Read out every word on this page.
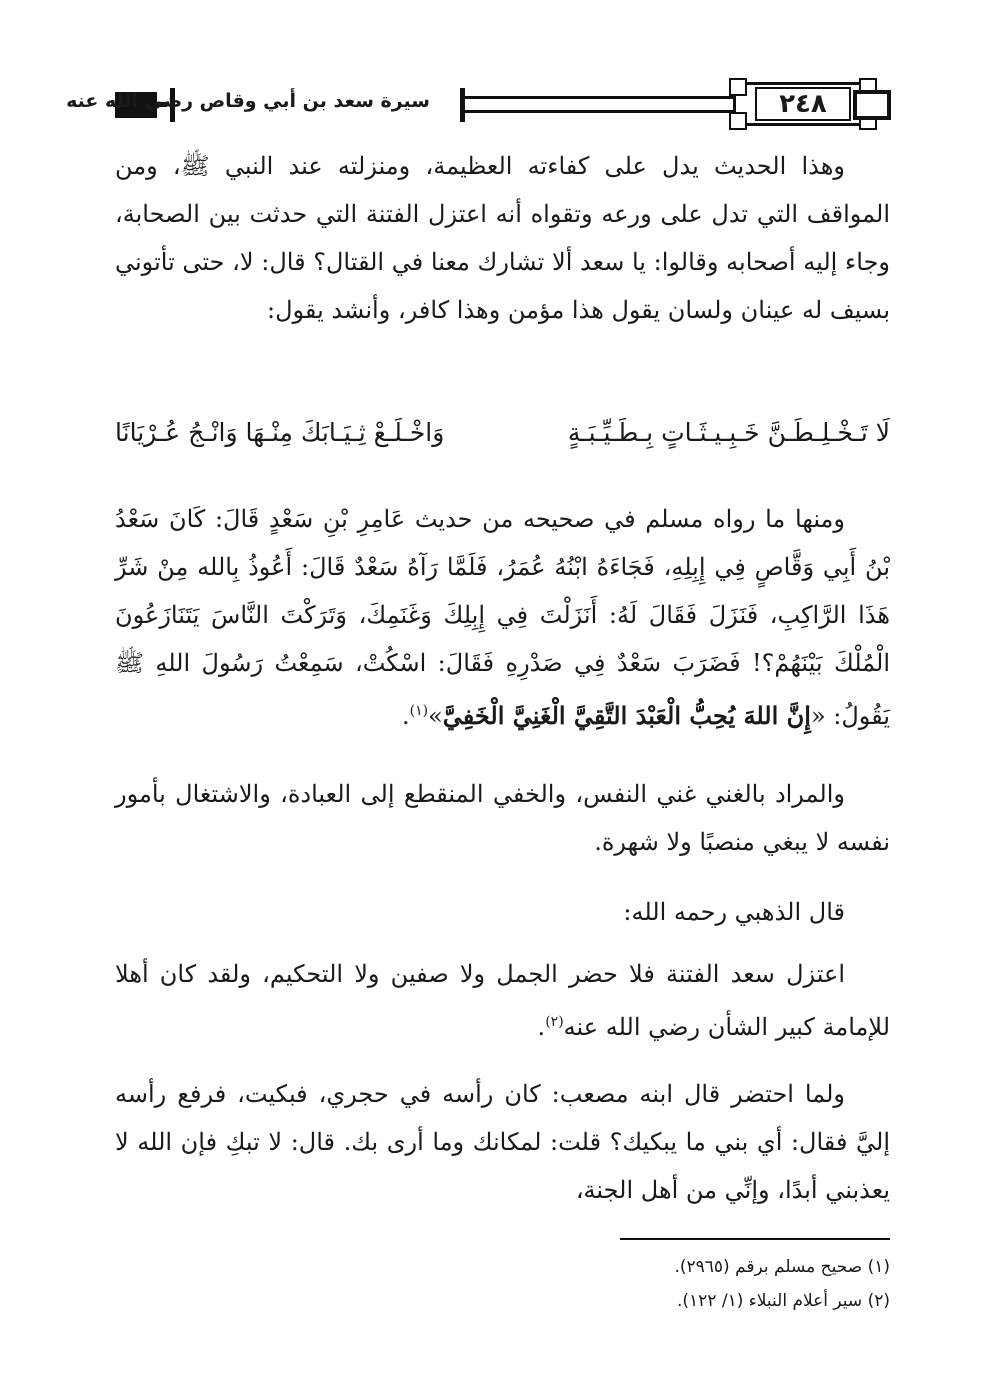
سيرة سعد بن أبي وقاص رضي الله عنه	٢٤٨

وهذا الحديث يدل على كفاءته العظيمة، ومنزلته عند النبي ﷺ، ومن المواقف التي تدل على ورعه وتقواه أنه اعتزل الفتنة التي حدثت بين الصحابة، وجاء إليه أصحابه وقالوا: يا سعد ألا تشارك معنا في القتال؟ قال: لا، حتى تأتوني بسيف له عينان ولسان يقول هذا مؤمن وهذا كافر، وأنشد يقول:

لَا تَـخْـلِـطَـنَّ خَـبِـيـثَـاتٍ بِـطَـيِّـبَـةٍ
وَاخْـلَـعْ ثِـيَـابَكَ مِنْـهَا وَانْـجُ عُـرْيَانًا

ومنها ما رواه مسلم في صحيحه من حديث عَامِرِ بْنِ سَعْدٍ قَالَ: كَانَ سَعْدُ بْنُ أَبِي وَقَّاصٍ فِي إِبِلِهِ، فَجَاءَهُ ابْنُهُ عُمَرُ، فَلَمَّا رَآهُ سَعْدٌ قَالَ: أَعُوذُ بِالله مِنْ شَرِّ هَذَا الرَّاكِبِ، فَنَزَلَ فَقَالَ لَهُ: أَنَزَلْتَ فِي إِبِلِكَ وَغَنَمِكَ، وَتَرَكْتَ النَّاسَ يَتَنَازَعُونَ الْمُلْكَ بَيْنَهُمْ؟! فَضَرَبَ سَعْدٌ فِي صَدْرِهِ فَقَالَ: اسْكُتْ، سَمِعْتُ رَسُولَ اللهِ ﷺ يَقُولُ: «إِنَّ اللهَ يُحِبُّ الْعَبْدَ التَّقِيَّ الْغَنِيَّ الْخَفِيَّ»$^{(١)}$.

والمراد بالغني غني النفس، والخفي المنقطع إلى العبادة، والاشتغال بأمور نفسه لا يبغي منصبًا ولا شهرة.

قال الذهبي رحمه الله:

اعتزل سعد الفتنة فلا حضر الجمل ولا صفين ولا التحكيم، ولقد كان أهلا للإمامة كبير الشأن رضي الله عنه$^{(٢)}$.

ولما احتضر قال ابنه مصعب: كان رأسه في حجري، فبكيت، فرفع رأسه إليَّ فقال: أي بني ما يبكيك؟ قلت: لمكانك وما أرى بك. قال: لا تبكِ فإن الله لا يعذبني أبدًا، وإنِّي من أهل الجنة،

(١) صحيح مسلم برقم (٢٩٦٥).
(٢) سير أعلام النبلاء (١/ ١٢٢).
